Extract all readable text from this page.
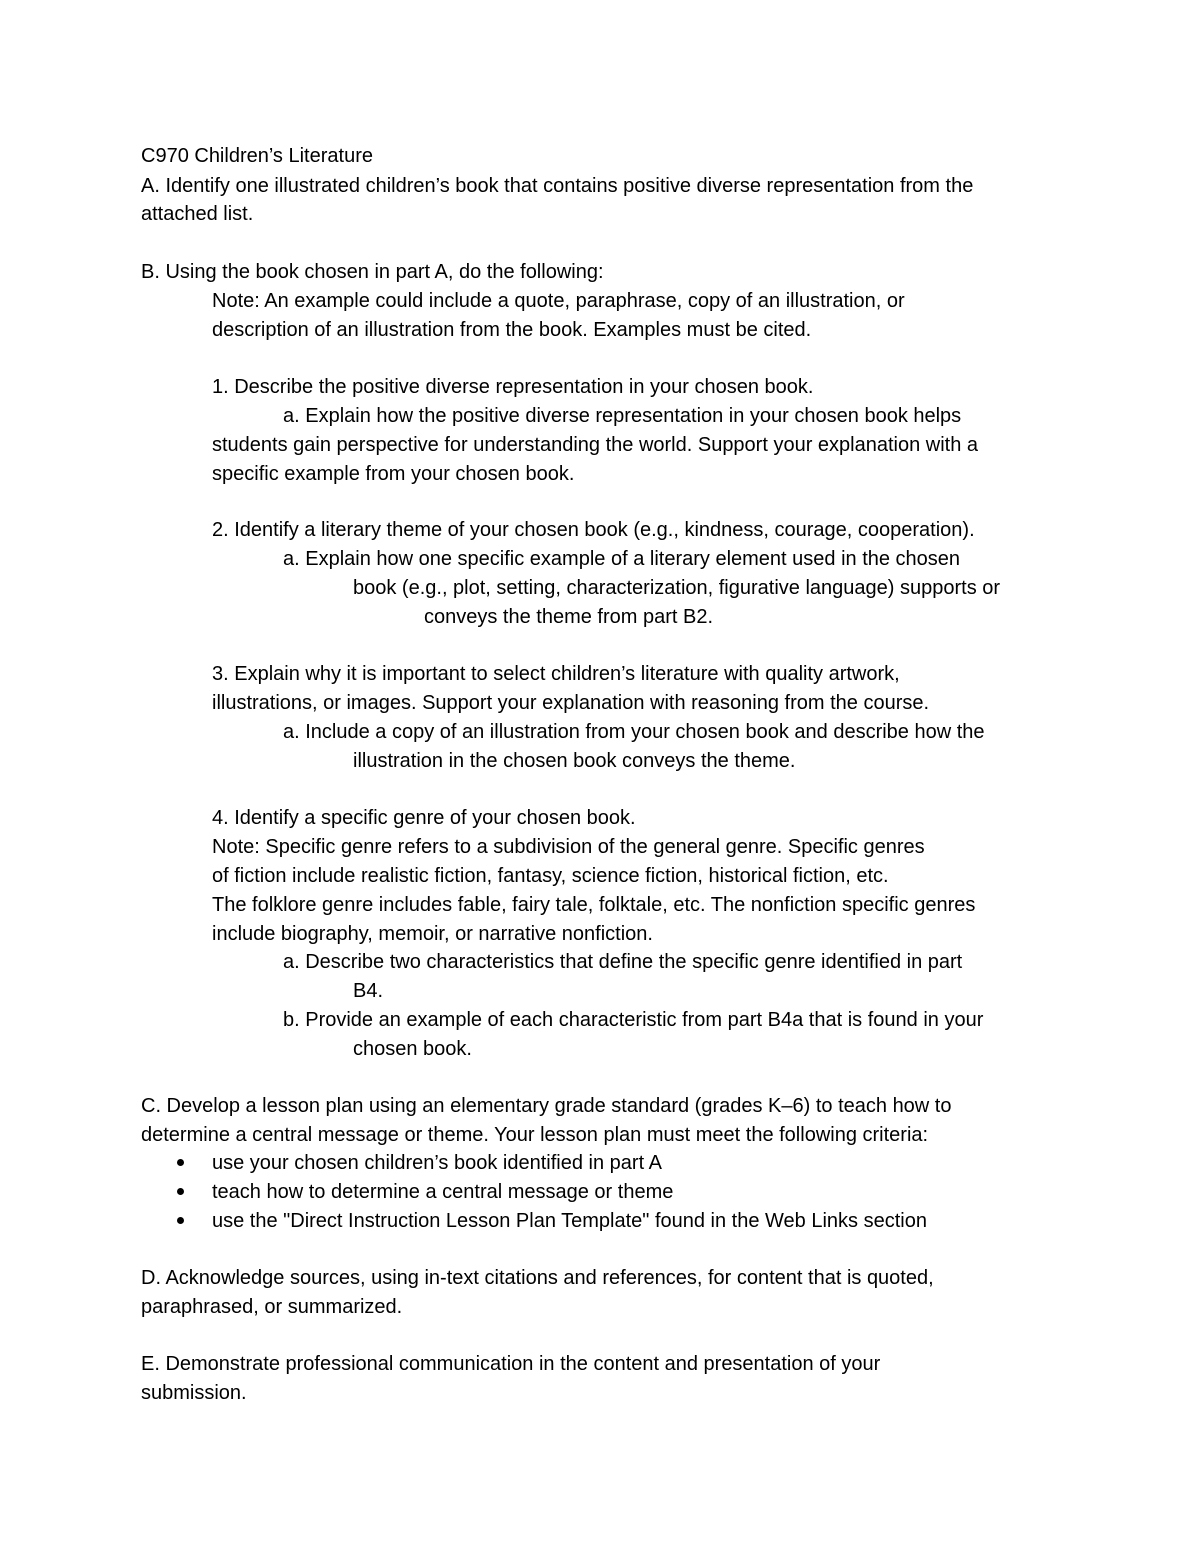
C970 Children’s Literature
A. Identify one illustrated children’s book that contains positive diverse representation from the
attached list.
B. Using the book chosen in part A, do the following:
Note: An example could include a quote, paraphrase, copy of an illustration, or
description of an illustration from the book. Examples must be cited.
1. Describe the positive diverse representation in your chosen book.
a. Explain how the positive diverse representation in your chosen book helps
students gain perspective for understanding the world. Support your explanation with a
specific example from your chosen book.
2. Identify a literary theme of your chosen book (e.g., kindness, courage, cooperation).
a. Explain how one specific example of a literary element used in the chosen
book (e.g., plot, setting, characterization, figurative language) supports or
conveys the theme from part B2.
3. Explain why it is important to select children’s literature with quality artwork,
illustrations, or images. Support your explanation with reasoning from the course.
a. Include a copy of an illustration from your chosen book and describe how the
illustration in the chosen book conveys the theme.
4. Identify a specific genre of your chosen book.
Note: Specific genre refers to a subdivision of the general genre. Specific genres
of fiction include realistic fiction, fantasy, science fiction, historical fiction, etc.
The folklore genre includes fable, fairy tale, folktale, etc. The nonfiction specific genres
include biography, memoir, or narrative nonfiction.
a. Describe two characteristics that define the specific genre identified in part
B4.
b. Provide an example of each characteristic from part B4a that is found in your
chosen book.
C. Develop a lesson plan using an elementary grade standard (grades K–6) to teach how to
determine a central message or theme. Your lesson plan must meet the following criteria:
use your chosen children’s book identified in part A
teach how to determine a central message or theme
use the "Direct Instruction Lesson Plan Template" found in the Web Links section
D. Acknowledge sources, using in-text citations and references, for content that is quoted,
paraphrased, or summarized.
E. Demonstrate professional communication in the content and presentation of your
submission.
